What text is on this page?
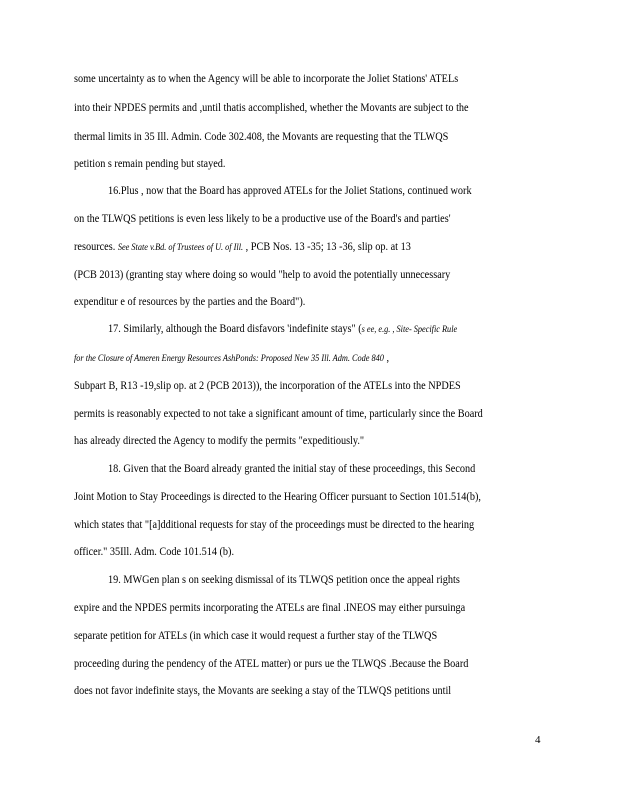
some uncertainty as to when the Agency will be able to incorporate the Joliet Stations' ATELs
into their NPDES permits and ,until thatis accomplished, whether the Movants are subject to the
thermal limits in 35 Ill. Admin. Code 302.408, the Movants are requesting that the TLWQS
petition s remain pending but stayed.
16.Plus , now that the Board has approved ATELs for the Joliet Stations, continued work
on the TLWQS petitions is even less likely to be a productive use of the Board's and parties'
resources. See State v.Bd. of Trustees of U. of Ill. , PCB Nos. 13 -35; 13 -36, slip op. at 13
(PCB 2013) (granting stay where doing so would "help to avoid the potentially unnecessary
expenditur e of resources by the parties and the Board").
17. Similarly, although the Board disfavors 'indefinite stays" (s ee, e.g. , Site- Specific Rule
for the Closure of Ameren Energy Resources AshPonds: Proposed New 35 Ill. Adm. Code 840 ,
Subpart B, R13 -19,slip op. at 2 (PCB 2013)), the incorporation of the ATELs into the NPDES
permits is reasonably expected to not take a significant amount of time, particularly since the Board
has already directed the Agency to modify the permits "expeditiously."
18. Given that the Board already granted the initial stay of these proceedings, this Second
Joint Motion to Stay Proceedings is directed to the Hearing Officer pursuant to Section 101.514(b),
which states that "[a]dditional requests for stay of the proceedings must be directed to the hearing
officer." 35Ill. Adm. Code 101.514 (b).
19. MWGen plan s on seeking dismissal of its TLWQS petition once the appeal rights
expire and the NPDES permits incorporating the ATELs are final .INEOS may either pursuinga
separate petition for ATELs (in which case it would request a further stay of the TLWQS
proceeding during the pendency of the ATEL matter) or purs ue the TLWQS .Because the Board
does not favor indefinite stays, the Movants are seeking a stay of the TLWQS petitions until
4
